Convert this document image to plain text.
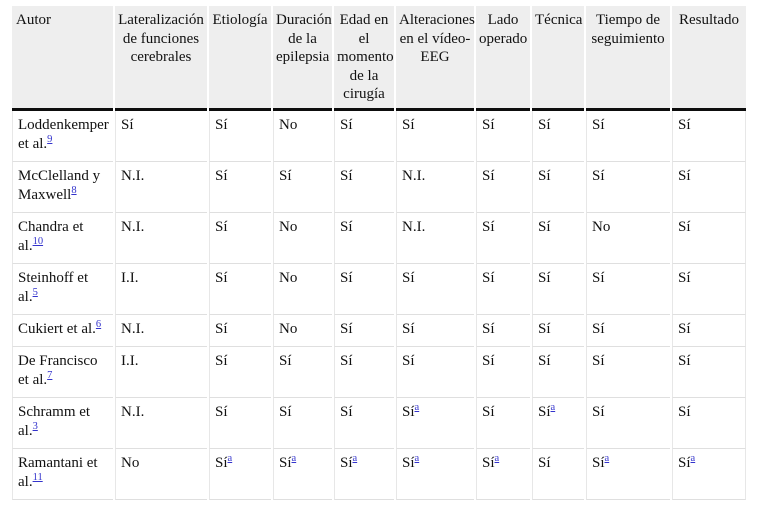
Autor	Lateralización de funciones cerebrales	Etiología	Duración de la epilepsia	Edad en el momento de la cirugía	Alteraciones en el vídeo-EEG	Lado operado	Técnica	Tiempo de seguimiento	Resultado
Loddenkemper et al.$^9$	Sí	Sí	No	Sí	Sí	Sí	Sí	Sí	Sí
McClelland y Maxwell$^8$	N.I.	Sí	Sí	Sí	N.I.	Sí	Sí	Sí	Sí
Chandra et al.$^{10}$	N.I.	Sí	No	Sí	N.I.	Sí	Sí	No	Sí
Steinhoff et al.$^5$	I.I.	Sí	No	Sí	Sí	Sí	Sí	Sí	Sí
Cukiert et al.$^6$	N.I.	Sí	No	Sí	Sí	Sí	Sí	Sí	Sí
De Francisco et al.$^7$	I.I.	Sí	Sí	Sí	Sí	Sí	Sí	Sí	Sí
Schramm et al.$^3$	N.I.	Sí	Sí	Sí	Sí$^a$	Sí	Sí$^a$	Sí	Sí
Ramantani et al.$^{11}$	No	Sí$^a$	Sí$^a$	Sí$^a$	Sí$^a$	Sí$^a$	Sí	Sí$^a$	Sí$^a$
